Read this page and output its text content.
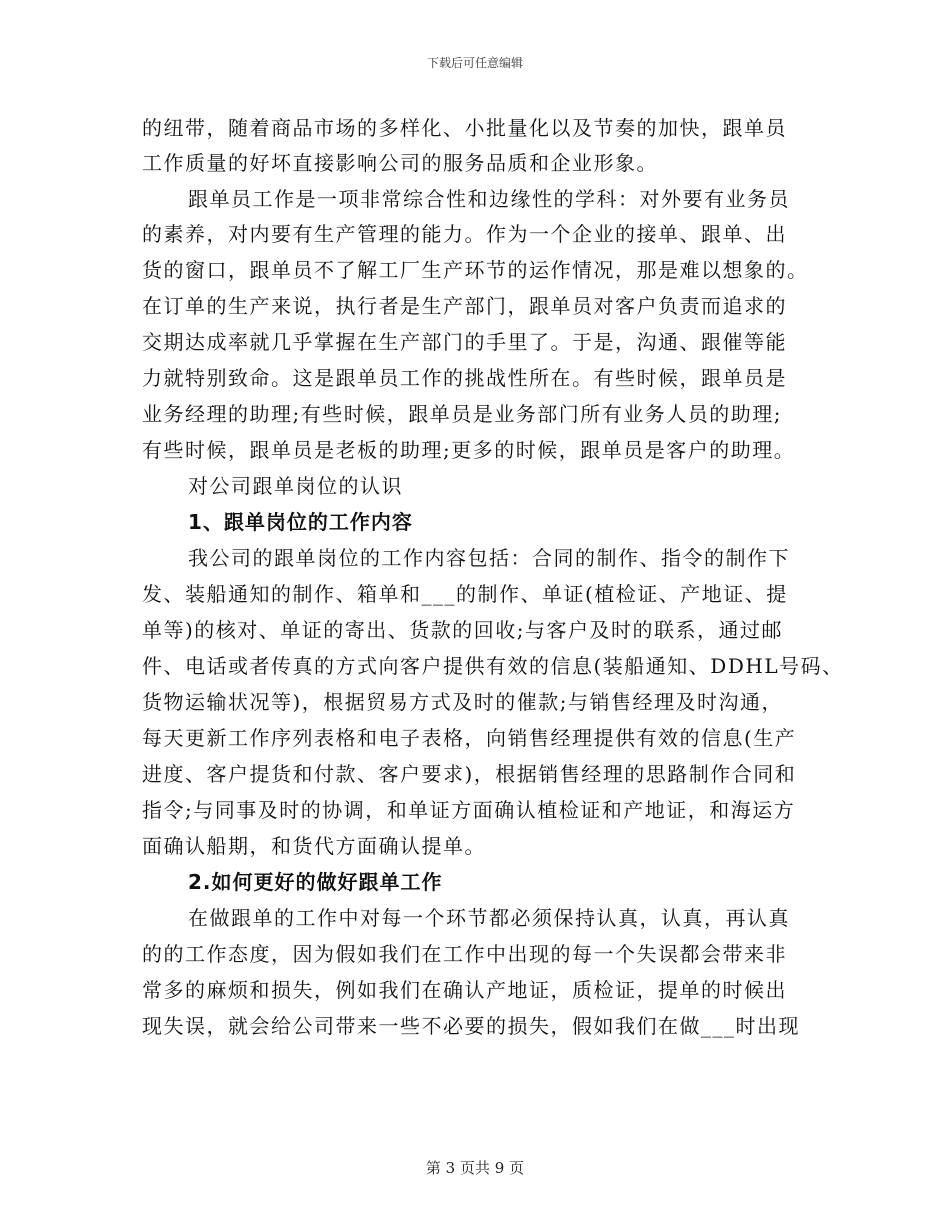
下载后可任意编辑
的纽带，随着商品市场的多样化、小批量化以及节奏的加快，跟单员
工作质量的好坏直接影响公司的服务品质和企业形象。
跟单员工作是一项非常综合性和边缘性的学科：对外要有业务员
的素养，对内要有生产管理的能力。作为一个企业的接单、跟单、出
货的窗口，跟单员不了解工厂生产环节的运作情况，那是难以想象的。
在订单的生产来说，执行者是生产部门，跟单员对客户负责而追求的
交期达成率就几乎掌握在生产部门的手里了。于是，沟通、跟催等能
力就特别致命。这是跟单员工作的挑战性所在。有些时候，跟单员是
业务经理的助理;有些时候，跟单员是业务部门所有业务人员的助理;
有些时候，跟单员是老板的助理;更多的时候，跟单员是客户的助理。
对公司跟单岗位的认识
1、跟单岗位的工作内容
我公司的跟单岗位的工作内容包括：合同的制作、指令的制作下
发、装船通知的制作、箱单和___的制作、单证(植检证、产地证、提
单等)的核对、单证的寄出、货款的回收;与客户及时的联系，通过邮
件、电话或者传真的方式向客户提供有效的信息(装船通知、DDHL号码、
货物运输状况等)，根据贸易方式及时的催款;与销售经理及时沟通，
每天更新工作序列表格和电子表格，向销售经理提供有效的信息(生产
进度、客户提货和付款、客户要求)，根据销售经理的思路制作合同和
指令;与同事及时的协调，和单证方面确认植检证和产地证，和海运方
面确认船期，和货代方面确认提单。
2.如何更好的做好跟单工作
在做跟单的工作中对每一个环节都必须保持认真，认真，再认真
的的工作态度，因为假如我们在工作中出现的每一个失误都会带来非
常多的麻烦和损失，例如我们在确认产地证，质检证，提单的时候出
现失误，就会给公司带来一些不必要的损失，假如我们在做___时出现
第 3 页共 9 页
